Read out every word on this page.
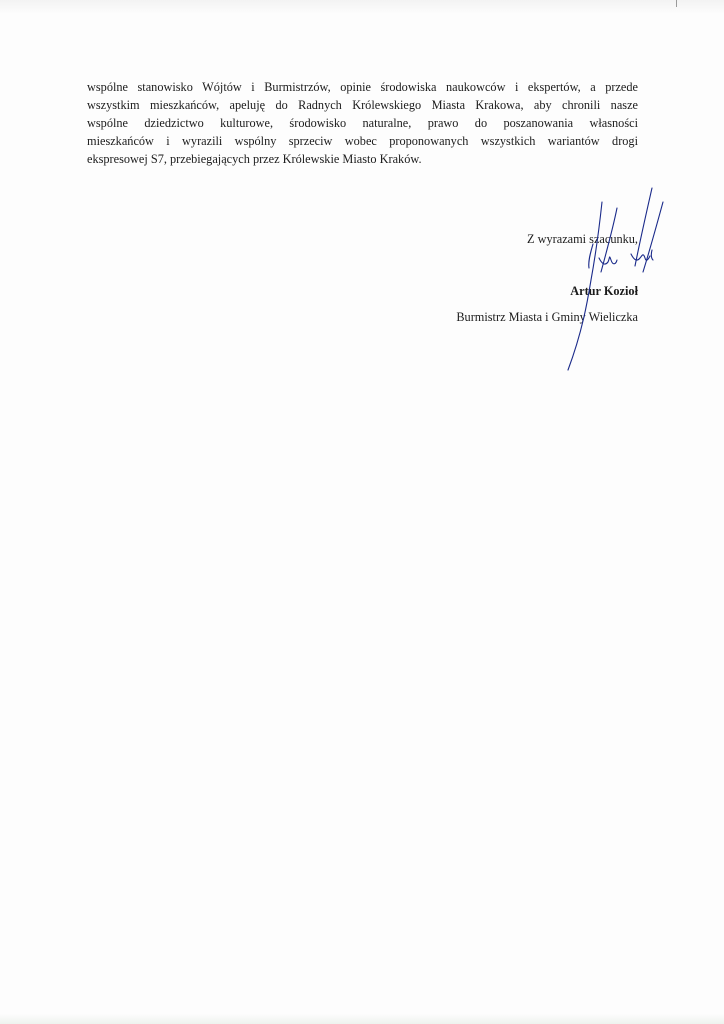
wspólne stanowisko Wójtów i Burmistrzów, opinie środowiska naukowców i ekspertów, a przede
wszystkim mieszkańców, apeluję do Radnych Królewskiego Miasta Krakowa, aby chronili nasze
wspólne dziedzictwo kulturowe, środowisko naturalne, prawo do poszanowania własności
mieszkańców i wyrazili wspólny sprzeciw wobec proponowanych wszystkich wariantów drogi
ekspresowej S7, przebiegających przez Królewskie Miasto Kraków.

Z wyrazami szacunku,
Artur Kozioł
Burmistrz Miasta i Gminy Wieliczka
